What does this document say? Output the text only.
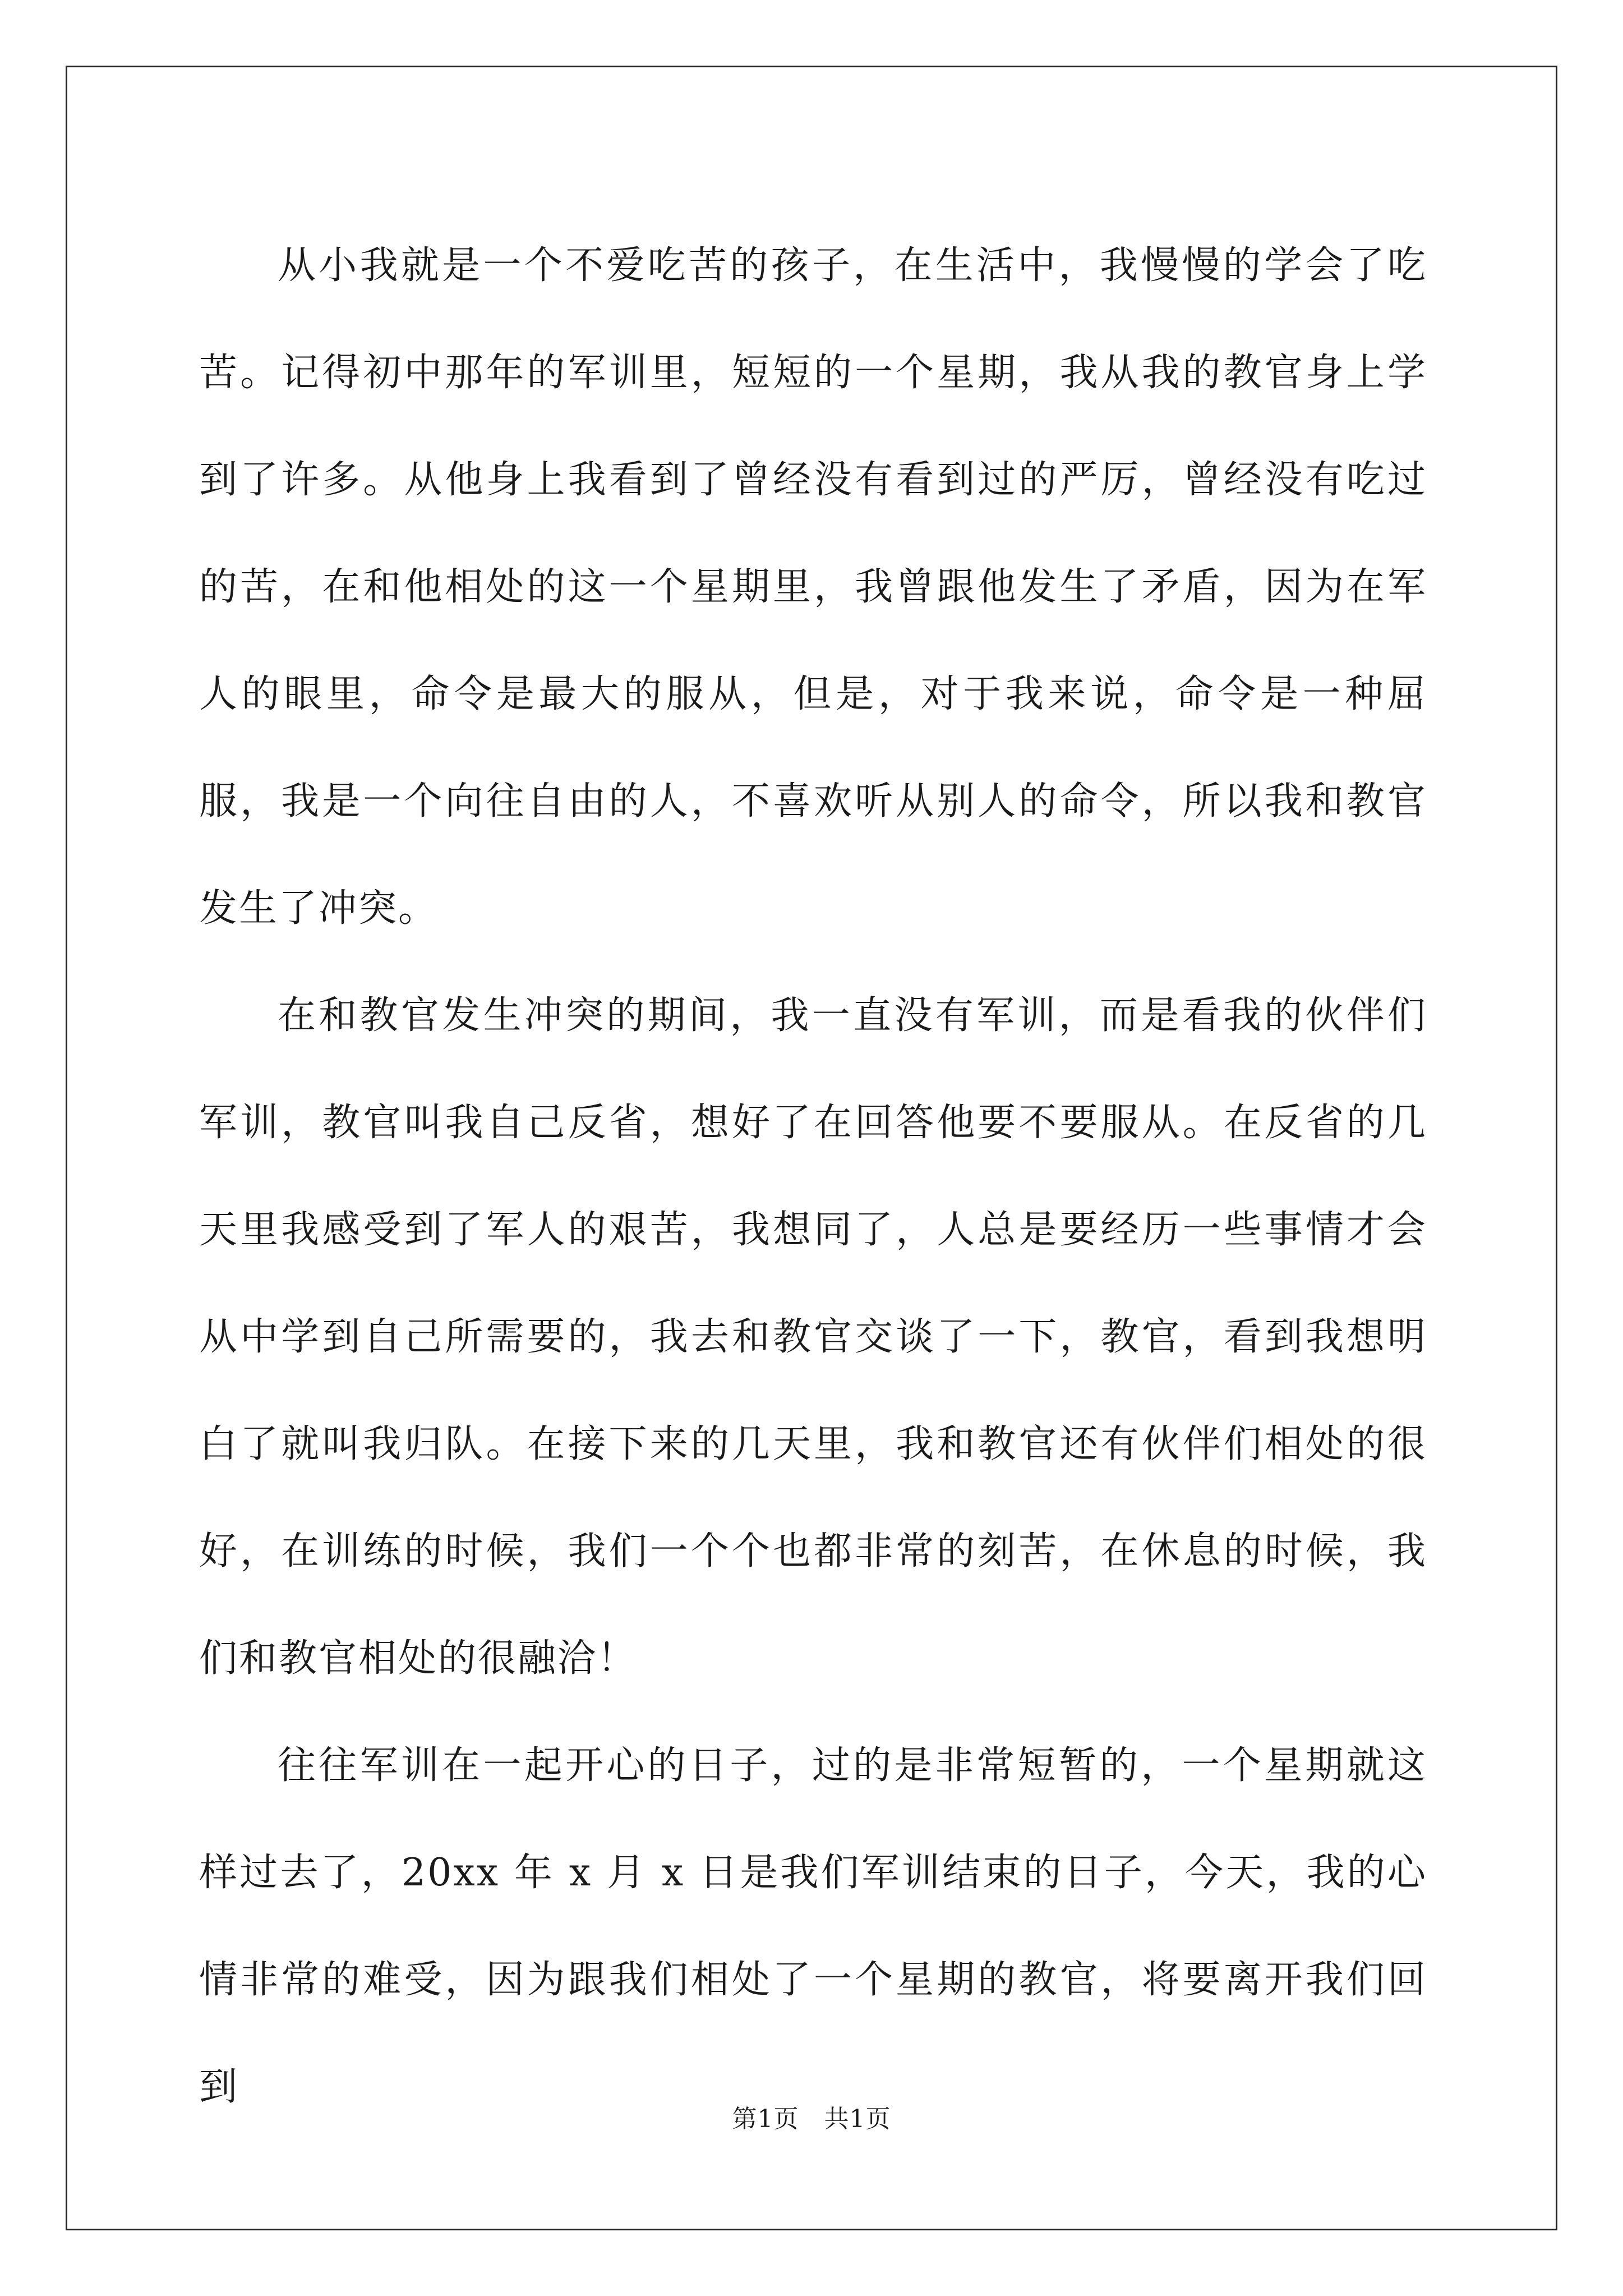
从小我就是一个不爱吃苦的孩子，在生活中，我慢慢的学会了吃苦。记得初中那年的军训里，短短的一个星期，我从我的教官身上学到了许多。从他身上我看到了曾经没有看到过的严厉，曾经没有吃过的苦，在和他相处的这一个星期里，我曾跟他发生了矛盾，因为在军人的眼里，命令是最大的服从，但是，对于我来说，命令是一种屈服，我是一个向往自由的人，不喜欢听从别人的命令，所以我和教官发生了冲突。

在和教官发生冲突的期间，我一直没有军训，而是看我的伙伴们军训，教官叫我自己反省，想好了在回答他要不要服从。在反省的几天里我感受到了军人的艰苦，我想同了，人总是要经历一些事情才会从中学到自己所需要的，我去和教官交谈了一下，教官，看到我想明白了就叫我归队。在接下来的几天里，我和教官还有伙伴们相处的很好，在训练的时候，我们一个个也都非常的刻苦，在休息的时候，我们和教官相处的很融洽！

往往军训在一起开心的日子，过的是非常短暂的，一个星期就这样过去了，20xx 年 x 月 x 日是我们军训结束的日子，今天，我的心情非常的难受，因为跟我们相处了一个星期的教官，将要离开我们回到

第1页　共1页
